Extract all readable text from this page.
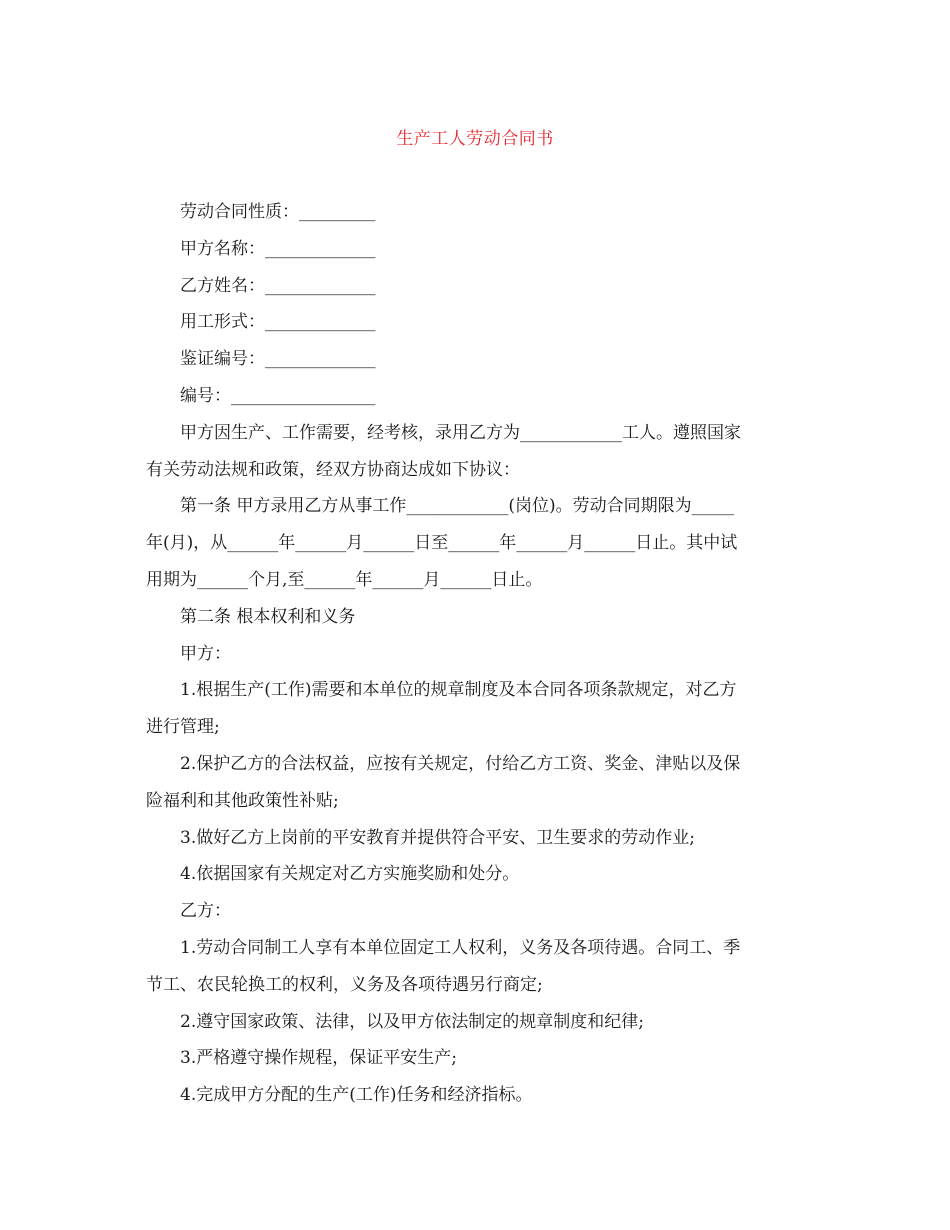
生产工人劳动合同书
劳动合同性质：_________
甲方名称：_____________
乙方姓名：_____________
用工形式：_____________
鉴证编号：_____________
编号：_________________
甲方因生产、工作需要，经考核，录用乙方为____________工人。遵照国家
有关劳动法规和政策，经双方协商达成如下协议：
第一条 甲方录用乙方从事工作____________(岗位)。劳动合同期限为_____
年(月)，从______年______月______日至______年______月______日止。其中试
用期为______个月,至______年______月______日止。
第二条 根本权利和义务
甲方：
1.根据生产(工作)需要和本单位的规章制度及本合同各项条款规定，对乙方
进行管理;
2.保护乙方的合法权益，应按有关规定，付给乙方工资、奖金、津贴以及保
险福利和其他政策性补贴;
3.做好乙方上岗前的平安教育并提供符合平安、卫生要求的劳动作业;
4.依据国家有关规定对乙方实施奖励和处分。
乙方：
1.劳动合同制工人享有本单位固定工人权利，义务及各项待遇。合同工、季
节工、农民轮换工的权利，义务及各项待遇另行商定;
2.遵守国家政策、法律，以及甲方依法制定的规章制度和纪律;
3.严格遵守操作规程，保证平安生产;
4.完成甲方分配的生产(工作)任务和经济指标。
